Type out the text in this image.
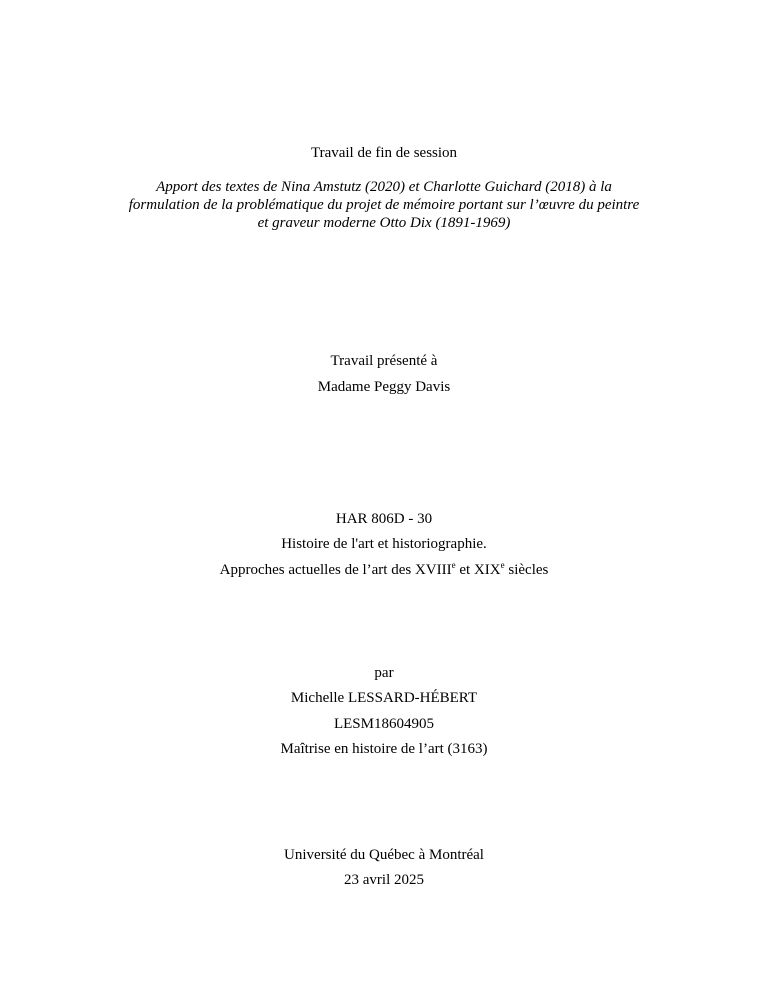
Travail de fin de session
Apport des textes de Nina Amstutz (2020) et Charlotte Guichard (2018) à la
formulation de la problématique du projet de mémoire portant sur l’œuvre du peintre
et graveur moderne Otto Dix (1891-1969)
Travail présenté à
Madame Peggy Davis
HAR 806D - 30
Histoire de l'art et historiographie.
Approches actuelles de l’art des XVIIIe et XIXe siècles
par
Michelle LESSARD-HÉBERT
LESM18604905
Maîtrise en histoire de l’art (3163)
Université du Québec à Montréal
23 avril 2025
